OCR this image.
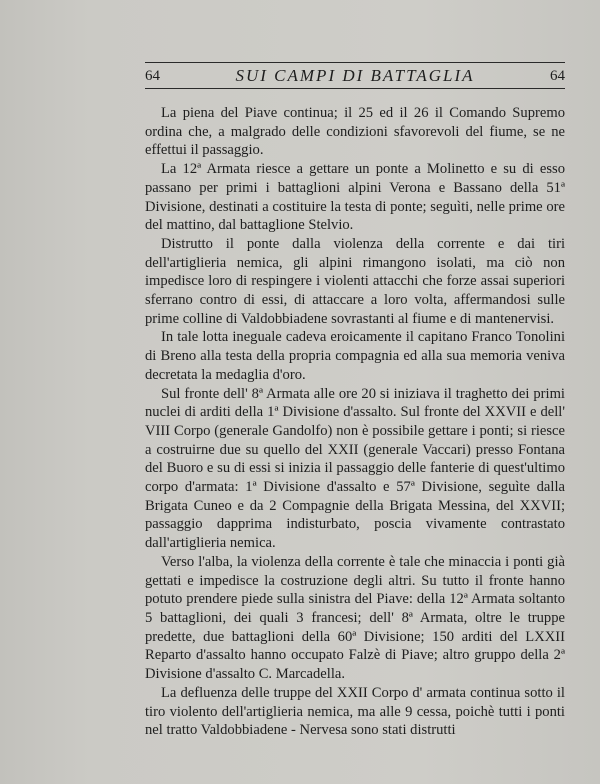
64	SUI CAMPI DI BATTAGLIA	64

La piena del Piave continua; il 25 ed il 26 il Comando Supremo ordina che, a malgrado delle condizioni sfavorevoli del fiume, se ne effettui il passaggio.

La 12ª Armata riesce a gettare un ponte a Molinetto e su di esso passano per primi i battaglioni alpini Verona e Bassano della 51ª Divisione, destinati a costituire la testa di ponte; seguìti, nelle prime ore del mattino, dal battaglione Stelvio.

Distrutto il ponte dalla violenza della corrente e dai tiri dell'artiglieria nemica, gli alpini rimangono isolati, ma ciò non impedisce loro di respingere i violenti attacchi che forze assai superiori sferrano contro di essi, di attaccare a loro volta, affermandosi sulle prime colline di Valdobbiadene sovrastanti al fiume e di mantenervisi.

In tale lotta ineguale cadeva eroicamente il capitano Franco Tonolini di Breno alla testa della propria compagnia ed alla sua memoria veniva decretata la medaglia d'oro.

Sul fronte dell' 8ª Armata alle ore 20 si iniziava il traghetto dei primi nuclei di arditi della 1ª Divisione d'assalto. Sul fronte del XXVII e dell' VIII Corpo (generale Gandolfo) non è possibile gettare i ponti; si riesce a costruirne due su quello del XXII (generale Vaccari) presso Fontana del Buoro e su di essi si inizia il passaggio delle fanterie di quest'ultimo corpo d'armata: 1ª Divisione d'assalto e 57ª Divisione, seguìte dalla Brigata Cuneo e da 2 Compagnie della Brigata Messina, del XXVII; passaggio dapprima indisturbato, poscia vivamente contrastato dall'artiglieria nemica.

Verso l'alba, la violenza della corrente è tale che minaccia i ponti già gettati e impedisce la costruzione degli altri. Su tutto il fronte hanno potuto prendere piede sulla sinistra del Piave: della 12ª Armata soltanto 5 battaglioni, dei quali 3 francesi; dell' 8ª Armata, oltre le truppe predette, due battaglioni della 60ª Divisione; 150 arditi del LXXII Reparto d'assalto hanno occupato Falzè di Piave; altro gruppo della 2ª Divisione d'assalto C. Marcadella.

La defluenza delle truppe del XXII Corpo d' armata continua sotto il tiro violento dell'artiglieria nemica, ma alle 9 cessa, poichè tutti i ponti nel tratto Valdobbiadene - Nervesa sono stati distrutti
